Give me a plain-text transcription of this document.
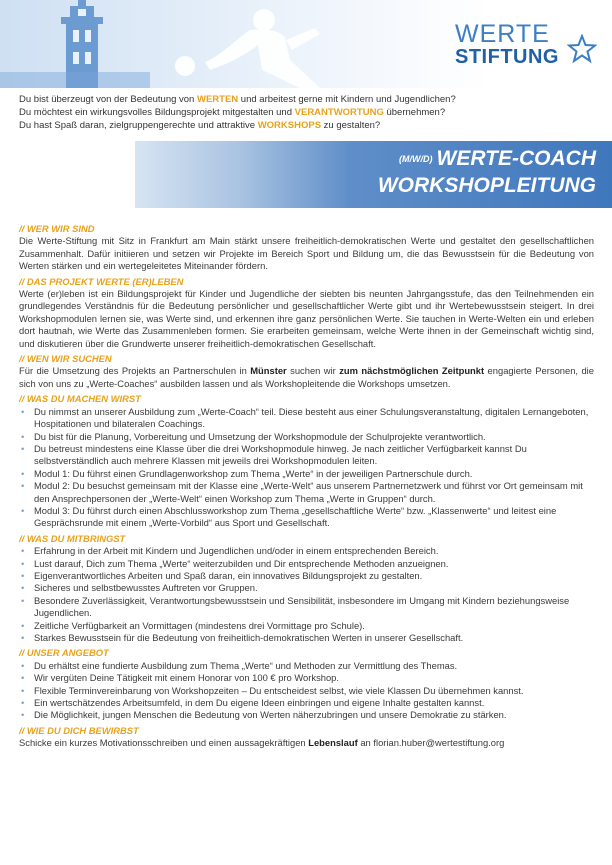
WERTE
STIFTUNG
Du bist überzeugt von der Bedeutung von WERTEN und arbeitest gerne mit Kindern und Jugendlichen?
Du möchtest ein wirkungsvolles Bildungsprojekt mitgestalten und VERANTWORTUNG übernehmen?
Du hast Spaß daran, zielgruppengerechte und attraktive WORKSHOPS zu gestalten?
(M/W/D) WERTE-COACH
WORKSHOPLEITUNG
// WER WIR SIND

Die Werte-Stiftung mit Sitz in Frankfurt am Main stärkt unsere freiheitlich-demokratischen Werte und gestaltet den gesellschaftlichen Zusammenhalt. Dafür initiieren und setzen wir Projekte im Bereich Sport und Bildung um, die das Bewusstsein für die Bedeutung von Werten stärken und ein wertegeleitetes Miteinander fördern.

// DAS PROJEKT WERTE (ER)LEBEN

Werte (er)leben ist ein Bildungsprojekt für Kinder und Jugendliche der siebten bis neunten Jahrgangsstufe, das den Teilnehmenden ein grundlegendes Verständnis für die Bedeutung persönlicher und gesellschaftlicher Werte gibt und ihr Wertebewusstsein steigert. In drei Workshopmodulen lernen sie, was Werte sind, und erkennen ihre ganz persönlichen Werte. Sie tauchen in Werte-Welten ein und erleben dort hautnah, wie Werte das Zusammenleben formen. Sie erarbeiten gemeinsam, welche Werte ihnen in der Gemeinschaft wichtig sind, und diskutieren über die Grundwerte unserer freiheitlich-demokratischen Gesellschaft.

// WEN WIR SUCHEN

Für die Umsetzung des Projekts an Partnerschulen in Münster suchen wir zum nächstmöglichen Zeitpunkt engagierte Personen, die sich von uns zu „Werte-Coaches“ ausbilden lassen und als Workshopleitende die Workshops umsetzen.

// WAS DU MACHEN WIRST
• Du nimmst an unserer Ausbildung zum „Werte-Coach“ teil. Diese besteht aus einer Schulungsveranstaltung, digitalen Lernangeboten, Hospitationen und bilateralen Coachings.
• Du bist für die Planung, Vorbereitung und Umsetzung der Workshopmodule der Schulprojekte verantwortlich.
• Du betreust mindestens eine Klasse über die drei Workshopmodule hinweg. Je nach zeitlicher Verfügbarkeit kannst Du selbstverständlich auch mehrere Klassen mit jeweils drei Workshopmodulen leiten.
• Modul 1: Du führst einen Grundlagenworkshop zum Thema „Werte“ in der jeweiligen Partnerschule durch.
• Modul 2: Du besuchst gemeinsam mit der Klasse eine „Werte-Welt“ aus unserem Partnernetzwerk und führst vor Ort gemeinsam mit den Ansprechpersonen der „Werte-Welt“ einen Workshop zum Thema „Werte in Gruppen“ durch.
• Modul 3: Du führst durch einen Abschlussworkshop zum Thema „gesellschaftliche Werte“ bzw. „Klassenwerte“ und leitest eine Gesprächsrunde mit einem „Werte-Vorbild“ aus Sport und Gesellschaft.
// WAS DU MITBRINGST
• Erfahrung in der Arbeit mit Kindern und Jugendlichen und/oder in einem entsprechenden Bereich.
• Lust darauf, Dich zum Thema „Werte“ weiterzubilden und Dir entsprechende Methoden anzueignen.
• Eigenverantwortliches Arbeiten und Spaß daran, ein innovatives Bildungsprojekt zu gestalten.
• Sicheres und selbstbewusstes Auftreten vor Gruppen.
• Besondere Zuverlässigkeit, Verantwortungsbewusstsein und Sensibilität, insbesondere im Umgang mit Kindern beziehungsweise Jugendlichen.
• Zeitliche Verfügbarkeit an Vormittagen (mindestens drei Vormittage pro Schule).
• Starkes Bewusstsein für die Bedeutung von freiheitlich-demokratischen Werten in unserer Gesellschaft.
// UNSER ANGEBOT
• Du erhältst eine fundierte Ausbildung zum Thema „Werte“ und Methoden zur Vermittlung des Themas.
• Wir vergüten Deine Tätigkeit mit einem Honorar von 100 € pro Workshop.
• Flexible Terminvereinbarung von Workshopzeiten – Du entscheidest selbst, wie viele Klassen Du übernehmen kannst.
• Ein wertschätzendes Arbeitsumfeld, in dem Du eigene Ideen einbringen und eigene Inhalte gestalten kannst.
• Die Möglichkeit, jungen Menschen die Bedeutung von Werten näherzubringen und unsere Demokratie zu stärken.
// WIE DU DICH BEWIRBST

Schicke ein kurzes Motivationsschreiben und einen aussagekräftigen Lebenslauf an florian.huber@wertestiftung.org
